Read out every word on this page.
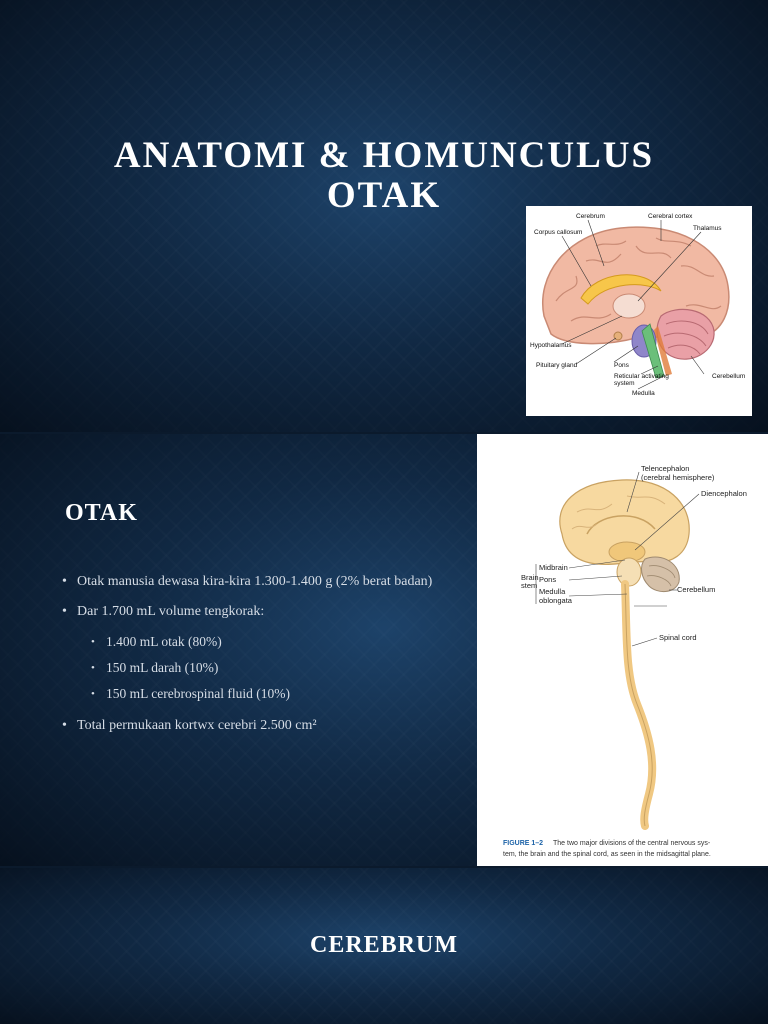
ANATOMI & HOMUNCULUS
OTAK
Cerebrum	Cerebral cortex
Corpus callosum
Thalamus
Hypothalamus
Pituitary gland	Pons
Reticular activating
system
Medulla
Cerebellum
OTAK
• Otak manusia dewasa kira-kira 1.300-1.400 g (2% berat badan)
• Dar 1.700 mL volume tengkorak:
• 1.400 mL otak (80%)
• 150 mL darah (10%)
• 150 mL cerebrospinal fluid (10%)
• Total permukaan kortwx cerebri 2.500 cm²
Telencephalon
(cerebral hemisphere)
Diencephalon
Midbrain
Brain
stem
Pons
Medulla
oblongata
Cerebellum
Spinal cord
FIGURE 1–2 The two major divisions of the central nervous sys-
tem, the brain and the spinal cord, as seen in the midsagittal plane.
CEREBRUM
